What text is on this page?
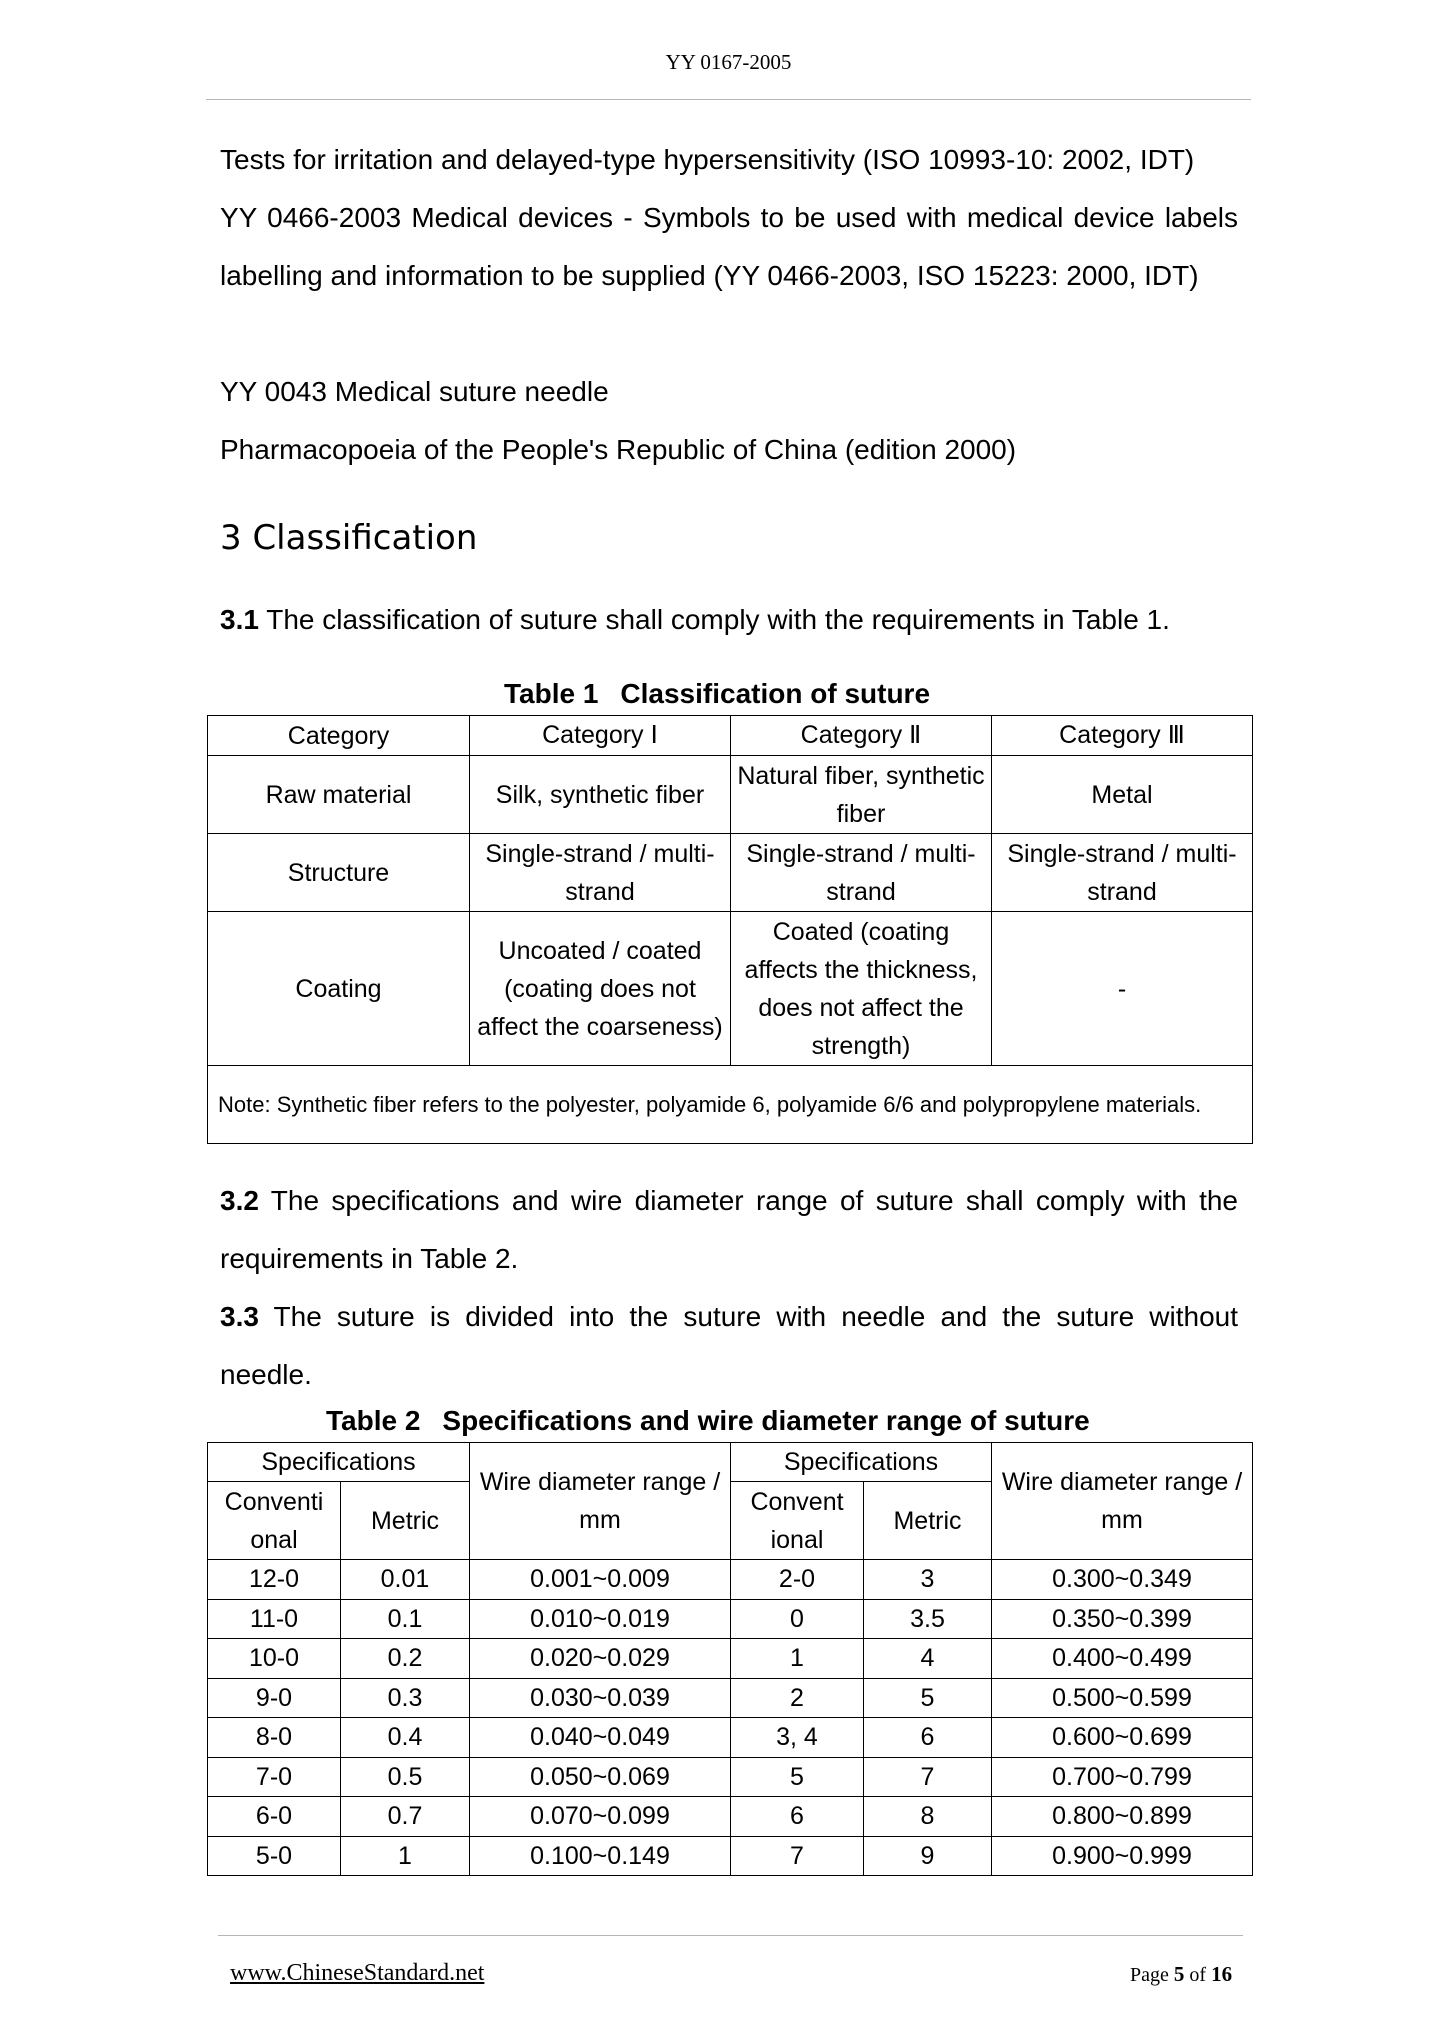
YY 0167-2005
Tests for irritation and delayed-type hypersensitivity (ISO 10993-10: 2002, IDT)
YY 0466-2003 Medical devices - Symbols to be used with medical device labels labelling and information to be supplied (YY 0466-2003, ISO 15223: 2000, IDT)
YY 0043 Medical suture needle
Pharmacopoeia of the People's Republic of China (edition 2000)
3 Classification
3.1 The classification of suture shall comply with the requirements in Table 1.
Table 1 Classification of suture
Category	Category Ⅰ	Category Ⅱ	Category Ⅲ
Raw material	Silk, synthetic fiber	Natural fiber, synthetic fiber	Metal
Structure	Single-strand / multi-strand	Single-strand / multi-strand	Single-strand / multi-strand
Coating	Uncoated / coated (coating does not affect the coarseness)	Coated (coating affects the thickness, does not affect the strength)	-
Note: Synthetic fiber refers to the polyester, polyamide 6, polyamide 6/6 and polypropylene materials.			
3.2 The specifications and wire diameter range of suture shall comply with the requirements in Table 2.
3.3 The suture is divided into the suture with needle and the suture without needle.
Table 2 Specifications and wire diameter range of suture
Specifications		Wire diameter range / mm	Specifications		Wire diameter range / mm
Conventi onal	Metric		Convent ional	Metric	
12-0	0.01	0.001~0.009	2-0	3	0.300~0.349
11-0	0.1	0.010~0.019	0	3.5	0.350~0.399
10-0	0.2	0.020~0.029	1	4	0.400~0.499
9-0	0.3	0.030~0.039	2	5	0.500~0.599
8-0	0.4	0.040~0.049	3, 4	6	0.600~0.699
7-0	0.5	0.050~0.069	5	7	0.700~0.799
6-0	0.7	0.070~0.099	6	8	0.800~0.899
5-0	1	0.100~0.149	7	9	0.900~0.999
www.ChineseStandard.net	Page 5 of 16
